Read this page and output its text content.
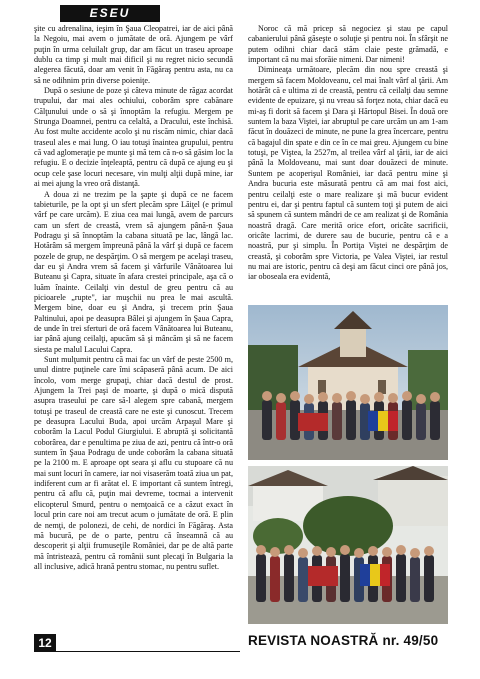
ESEU

şite cu adrenalina, ieşim în Şaua Cleopatrei, iar de aici până la Negoiu, mai avem o jumătate de oră. Ajungem pe vârf puţin în urma celuilalt grup, dar am făcut un traseu aproape dublu ca timp şi mult mai dificil şi nu regret nicio secundă alegerea făcută, doar am venit în Făgăraş pentru asta, nu ca să ne odihnim prin diverse poieniţe.

După o sesiune de poze şi câteva minute de răgaz acordat trupului, dar mai ales ochiului, coborâm spre cabănare Călţunului unde o să şi înnoptăm la refugiu. Mergem pe Strunga Doamnei, pentru ca celaltă, a Dracului, este închisă. Au fost multe accidente acolo şi nu riscăm nimic, chiar dacă traseul ales e mai lung. O iau totuşi înaintea grupului, pentru că vad aglomeraţie pe munte şi mă tem că n-o să găsim loc la refugiu. E o decizie înţeleaptă, pentru că după ce ajung eu şi ocup cele şase locuri necesare, vin mulţi alţii după mine, iar ai mei ajung la vreo oră distanţă.

A doua zi ne trezim pe la şapte şi după ce ne facem tabieturile, pe la opt şi un sfert plecăm spre Lăiţel (e primul vârf pe care urcăm). E ziua cea mai lungă, avem de parcurs cam un sfert de creastă, vrem să ajungem până-n Şaua Podragu şi să înnoptăm la cabana situată pe lac, lângă lac. Hotărâm să mergem împreună până la vârf şi după ce facem pozele de grup, ne despărţim. O să mergem pe acelaşi traseu, dar eu şi Andra vrem să facem şi vârfurile Vânătoarea lui Buteanu şi Capra, situate în afara crestei principale, aşa că o luăm înainte. Ceilalţi vin destul de greu pentru că au picioarele „rupte", iar muşchii nu prea le mai ascultă. Mergem bine, doar eu şi Andra, şi trecem prin Şaua Paltinului, apoi pe deasupra Bâlei şi ajungem în Şaua Capra, de unde în trei sferturi de oră facem Vânătoarea lui Buteanu, iar până ajung ceilalţi, apucăm să şi mâncăm şi să ne facem siesta pe malul Lacului Capra.

Sunt mulţumit pentru că mai fac un vârf de peste 2500 m, unul dintre puţinele care îmi scăpaseră până acum. De aici încolo, vom merge grupaţi, chiar dacă destul de prost. Ajungem la Trei paşi de moarte, şi după o mică dispută asupra traseului pe care să-l alegem spre cabană, mergem totuşi pe traseul de creastă care ne este şi cunoscut. Trecem pe deasupra Lacului Buda, apoi urcăm Arpaşul Mare şi coborâm la Lacul Podul Giurgiului. E abruptă şi solicitantă coborârea, dar e penultima pe ziua de azi, pentru că într-o oră suntem în Şaua Podragu de unde coborâm la cabana situată pe la 2100 m. E aproape opt seara şi aflu cu stupoare că nu mai sunt locuri în camere, iar noi visaserăm toată ziua un pat, indiferent cum ar fi arătat el. E important că suntem întregi, pentru că aflu că, puţin mai devreme, tocmai a intervenit elicopterul Smurd, pentru o nemţoaică ce a căzut exact în locul prin care noi am trecut acum o jumătate de oră. E plin de nemţi, de polonezi, de cehi, de nordici în Făgăraş. Asta mă bucură, pe de o parte, pentru că înseamnă că au descoperit şi alţii frumuseţile României, dar pe de altă parte mă întristează, pentru că românii sunt plecaţi în Bulgaria la all inclusive, adică hrană pentru stomac, nu pentru suflet.

Noroc că mă pricep să negociez şi stau pe capul cabanierului până găseşte o soluţie şi pentru noi. În sfârşit ne putem odihni chiar dacă stăm claie peste grămadă, e important că nu mai sforăie nimeni. Dar nimeni!

Dimineaţa următoare, plecăm din nou spre creastă şi mergem să facem Moldoveanu, cel mai înalt vârf al ţării. Am hotărât că e ultima zi de creastă, pentru că ceilalţi dau semne evidente de epuizare, şi nu vreau să forţez nota, chiar dacă eu mi-aş fi dorit să facem şi Dara şi Hărtopul Bisei. În două ore suntem la baza Viştei, iar abruptul pe care urcăm un am 1-am făcut în douăzeci de minute, ne pune la grea încercare, pentru că bagajul din spate e din ce în ce mai greu. Ajungem cu bine totuşi, pe Viştea, la 2527m, al treilea vârf al ţării, iar de aici până la Moldoveanu, mai sunt doar douăzeci de minute. Suntem pe acoperişul României, iar dacă pentru mine şi Andra bucuria este măsurată pentru că am mai fost aici, pentru ceilalţi este o mare realizare şi mă bucur evident pentru ei, dar şi pentru faptul că suntem toţi şi putem de aici să spunem că suntem mândri de ce am realizat şi de România noastră dragă. Care merită orice efort, oricâte sacrificii, oricâte lacrimi, de durere sau de bucurie, pentru că e a noastră, pur şi simplu. În Portiţa Viştei ne despărţim de creastă, şi coborâm spre Victoria, pe Valea Viştei, iar restul nu mai are istoric, pentru că deşi am făcut cinci ore până jos, iar oboseala era evidentă,

12	REVISTA NOASTRĂ nr. 49/50
